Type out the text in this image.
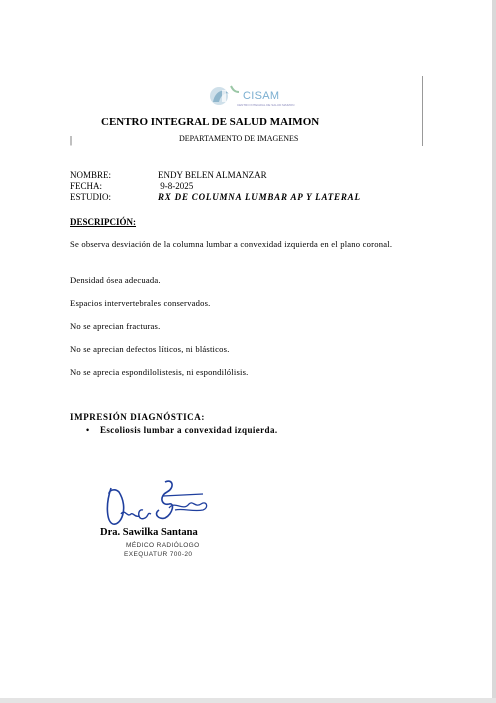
CISAM
CENTRO INTEGRAL DE SALUD MAIMON
CENTRO INTEGRAL DE SALUD MAIMON
DEPARTAMENTO DE IMAGENES
|
NOMBRE:	ENDY BELEN ALMANZAR
FECHA:	9-8-2025
ESTUDIO:	RX DE COLUMNA LUMBAR AP Y LATERAL
DESCRIPCIÓN:
Se observa desviación de la columna lumbar a convexidad izquierda en el plano coronal.
Densidad ósea adecuada.
Espacios intervertebrales conservados.
No se aprecian fracturas.
No se aprecian defectos líticos, ni blásticos.
No se aprecia espondilolistesis, ni espondilólisis.
IMPRESIÓN DIAGNÓSTICA:
• Escoliosis lumbar a convexidad izquierda.
Dra. Sawilka Santana
MÉDICO RADIÓLOGO
EXEQUATUR 700-20
